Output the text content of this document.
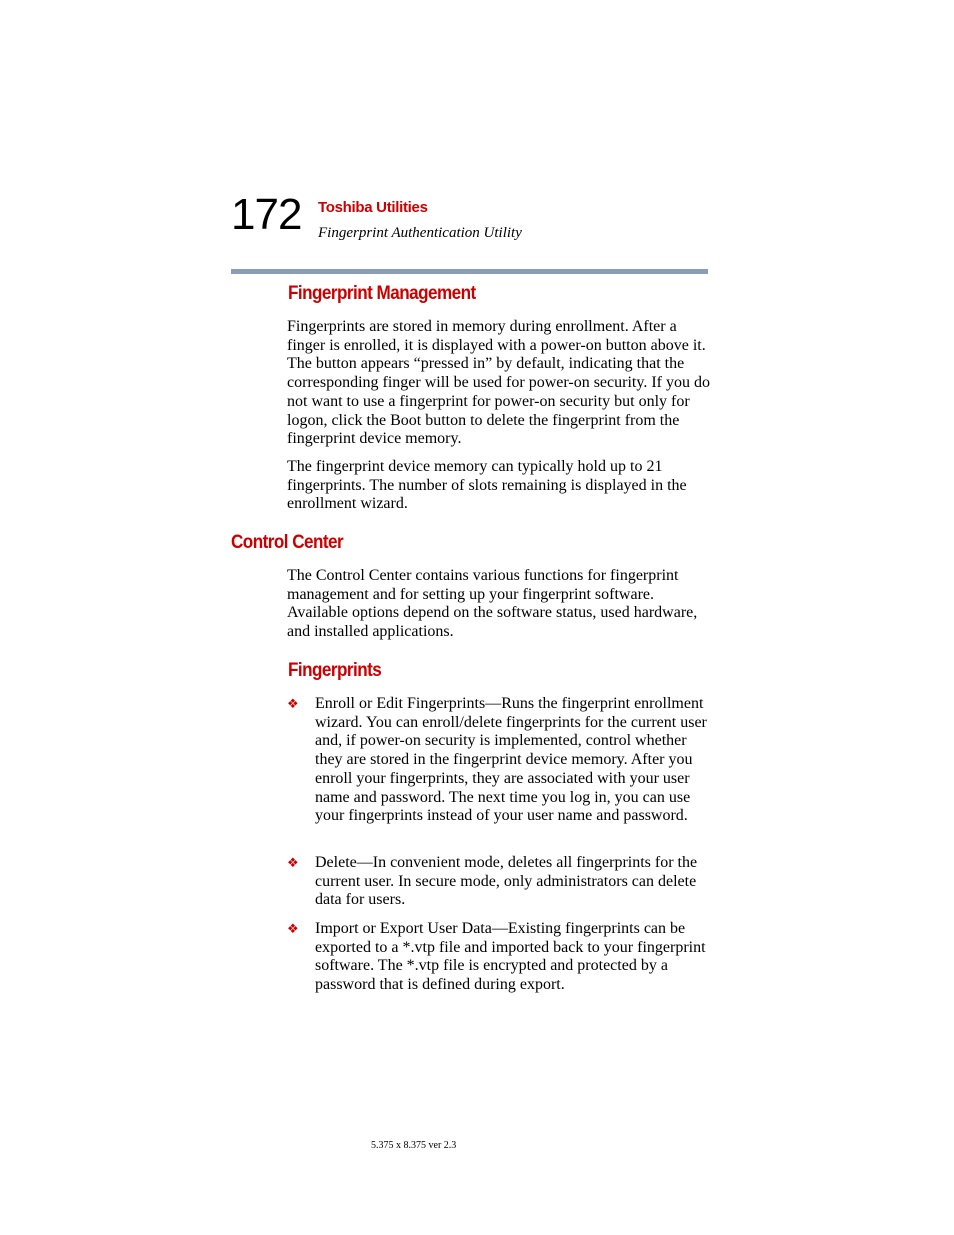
172 Toshiba Utilities
Fingerprint Authentication Utility
Fingerprint Management

Fingerprints are stored in memory during enrollment. After a finger is enrolled, it is displayed with a power-on button above it. The button appears “pressed in” by default, indicating that the corresponding finger will be used for power-on security. If you do not want to use a fingerprint for power-on security but only for logon, click the Boot button to delete the fingerprint from the fingerprint device memory.

The fingerprint device memory can typically hold up to 21 fingerprints. The number of slots remaining is displayed in the enrollment wizard.

Control Center

The Control Center contains various functions for fingerprint management and for setting up your fingerprint software. Available options depend on the software status, used hardware, and installed applications.

Fingerprints
❖ Enroll or Edit Fingerprints—Runs the fingerprint enrollment wizard. You can enroll/delete fingerprints for the current user and, if power-on security is implemented, control whether they are stored in the fingerprint device memory. After you enroll your fingerprints, they are associated with your user name and password. The next time you log in, you can use your fingerprints instead of your user name and password.
❖ Delete—In convenient mode, deletes all fingerprints for the current user. In secure mode, only administrators can delete data for users.
❖ Import or Export User Data—Existing fingerprints can be exported to a *.vtp file and imported back to your fingerprint software. The *.vtp file is encrypted and protected by a password that is defined during export.
5.375 x 8.375 ver 2.3
